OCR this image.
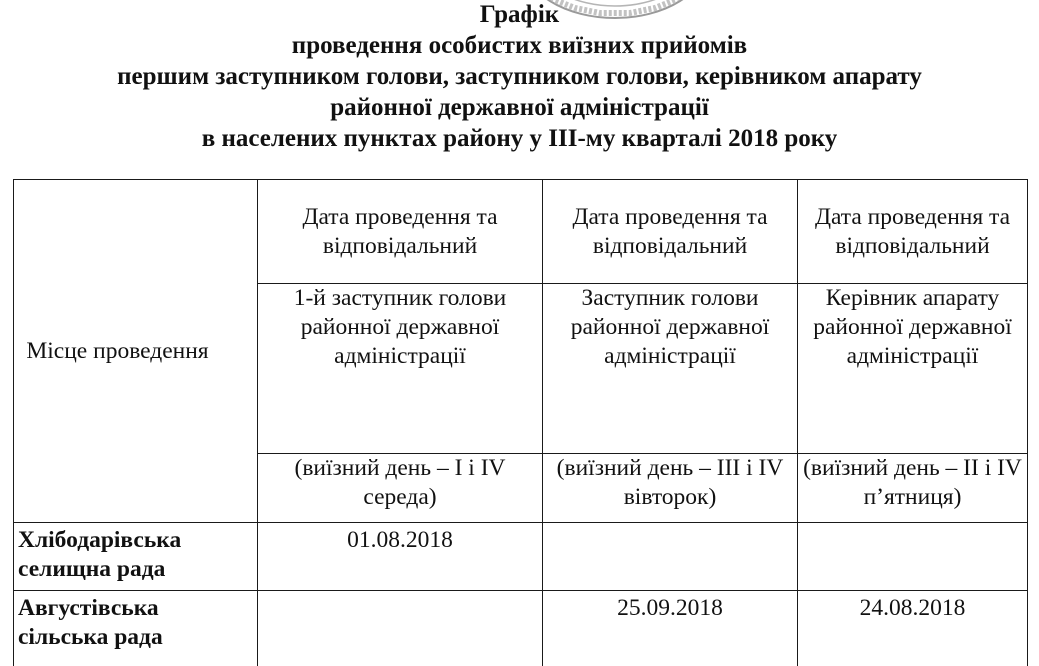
Графік
проведення особистих виїзних прийомів
першим заступником голови, заступником голови, керівником апарату
районної державної адміністрації
в населених пунктах району у ІІІ-му кварталі 2018 року
Місце проведення	Дата проведення та відповідальний	Дата проведення та відповідальний	Дата проведення та відповідальний
	1-й заступник голови районної державної адміністрації	Заступник голови районної державної адміністрації	Керівник апарату районної державної адміністрації
	(виїзний день – І і IV середа)	(виїзний день – ІІІ і IV вівторок)	(виїзний день – ІІ і IV п’ятниця)
Хлібодарівська селищна рада	01.08.2018		
Августівська сільська рада		25.09.2018	24.08.2018
